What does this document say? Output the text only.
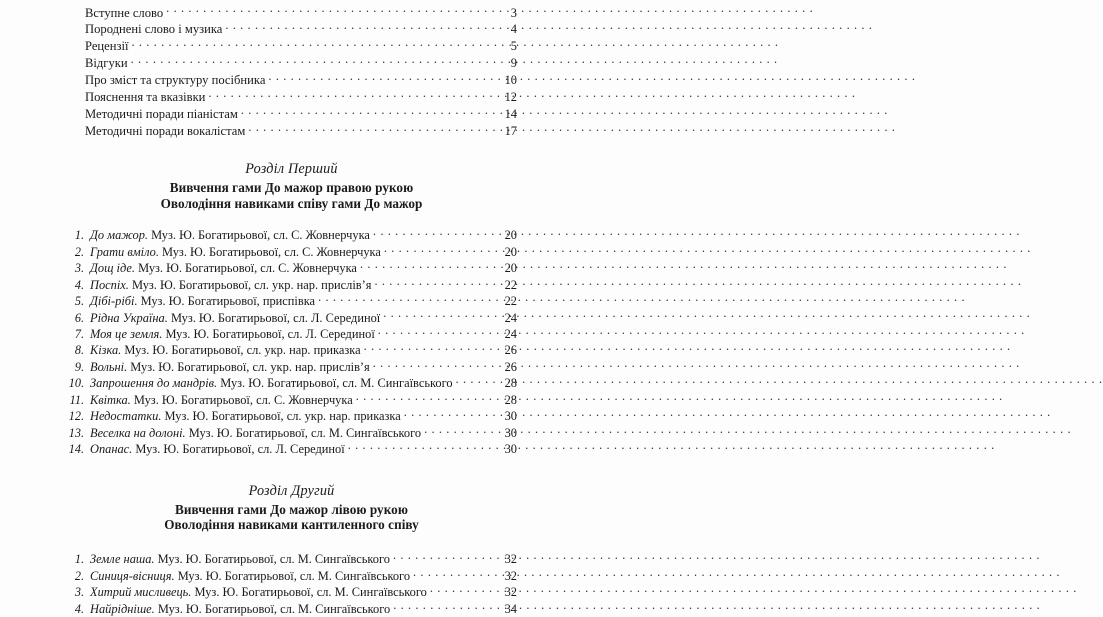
Вступне слово . . .	3
Породнені слово і музика . . .	4
Рецензії . . .	5
Відгуки . . .	9
Про зміст та структуру посібника . . .	10
Пояснення та вказівки . . .	12
Методичні поради піаністам . . .	14
Методичні поради вокалістам . . .	17
Розділ Перший
Вивчення гами До мажор правою рукою
Оволодіння навиками співу гами До мажор
1. До мажор. Муз. Ю. Богатирьової, сл. С. Жовнерчука . . .	20
2. Грати вміло. Муз. Ю. Богатирьової, сл. С. Жовнерчука . . .	20
3. Дощ іде. Муз. Ю. Богатирьової, сл. С. Жовнерчука . . .	20
4. Поспіх. Муз. Ю. Богатирьової, сл. укр. нар. прислів’я . . .	22
5. Дібі-рібі. Муз. Ю. Богатирьової, приспівка . . .	22
6. Рідна Україна. Муз. Ю. Богатирьової, сл. Л. Серединої . . .	24
7. Моя це земля. Муз. Ю. Богатирьової, сл. Л. Серединої . . .	24
8. Кізка. Муз. Ю. Богатирьової, сл. укр. нар. приказка . . .	26
9. Вольні. Муз. Ю. Богатирьової, сл. укр. нар. прислів’я . . .	26
10. Запрошення до мандрів. Муз. Ю. Богатирьової, сл. М. Сингаївського . . .	28
11. Квітка. Муз. Ю. Богатирьової, сл. С. Жовнерчука . . .	28
12. Недостатки. Муз. Ю. Богатирьової, сл. укр. нар. приказка . . .	30
13. Веселка на долоні. Муз. Ю. Богатирьової, сл. М. Сингаївського . . .	30
14. Опанас. Муз. Ю. Богатирьової, сл. Л. Серединої . . .	30
Розділ Другий
Вивчення гами До мажор лівою рукою
Оволодіння навиками кантиленного співу
1. Земле наша. Муз. Ю. Богатирьової, сл. М. Сингаївського . . .	32
2. Синиця-вісниця. Муз. Ю. Богатирьової, сл. М. Сингаївського . . .	32
3. Хитрий мисливець. Муз. Ю. Богатирьової, сл. М. Сингаївського . . .	32
4. Найріднішe. Муз. Ю. Богатирьової, сл. М. Сингаївського . . .	34
